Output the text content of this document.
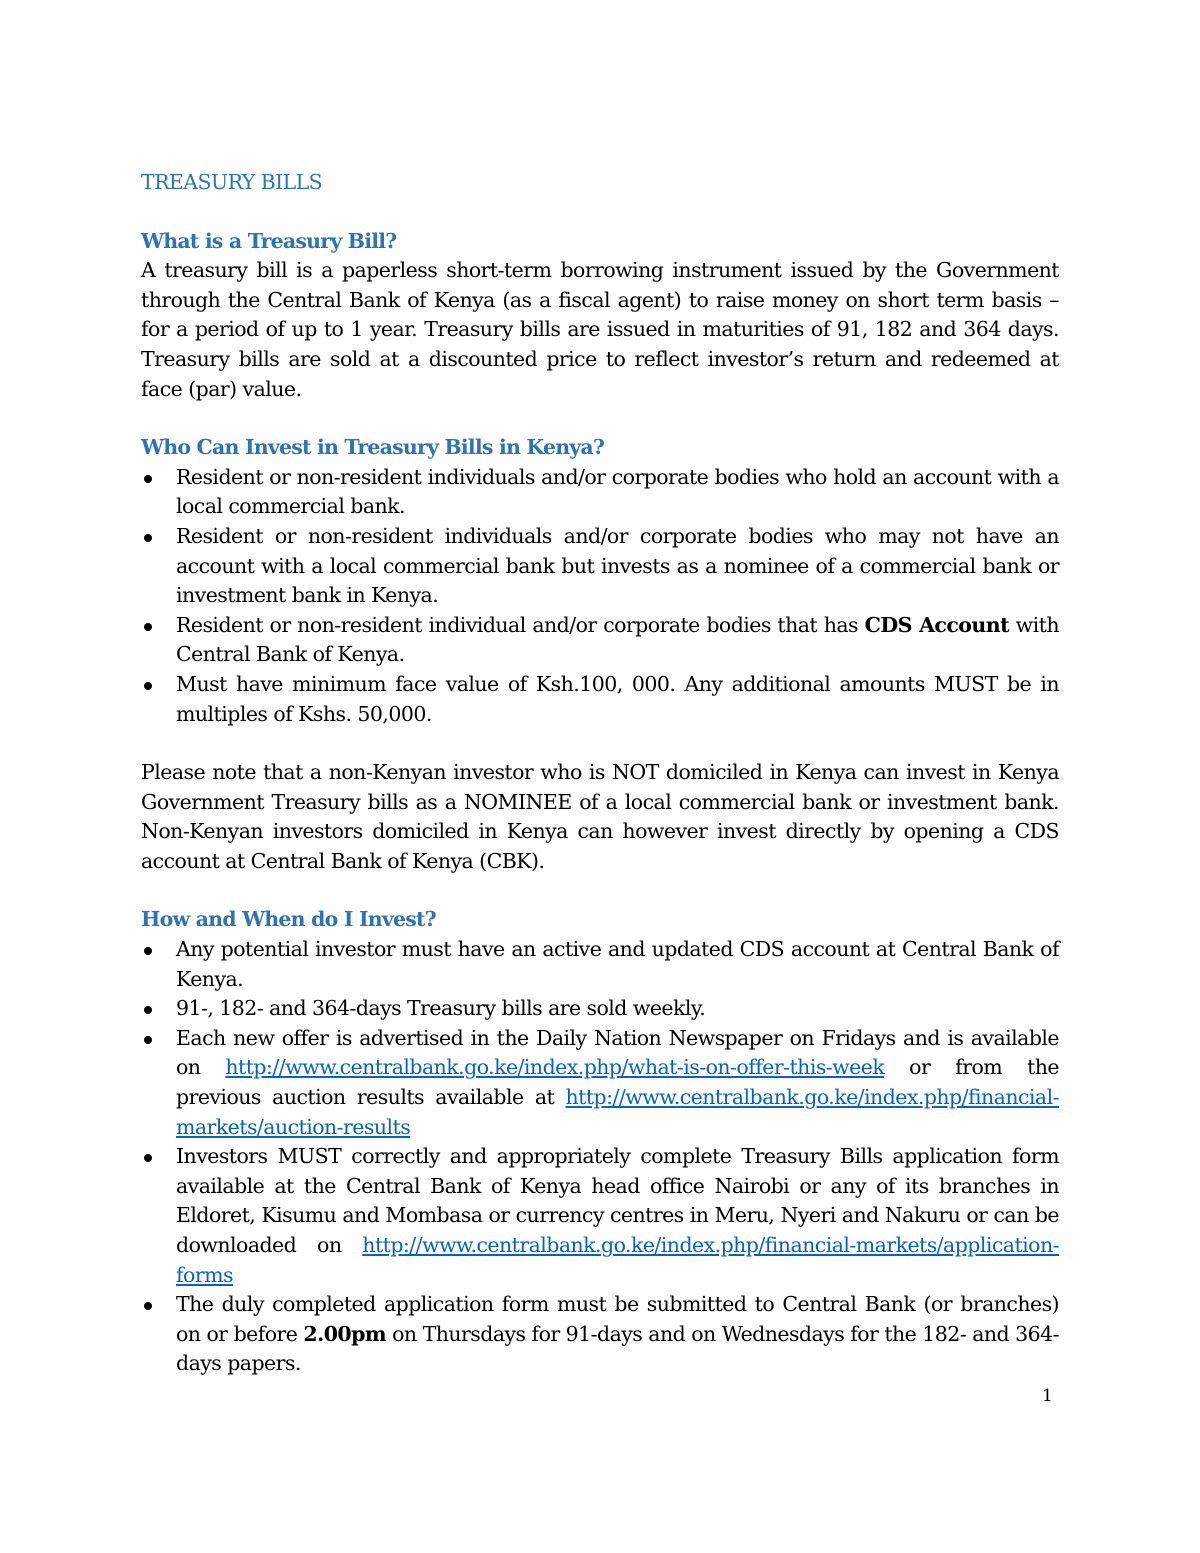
TREASURY BILLS
What is a Treasury Bill?

A treasury bill is a paperless short-term borrowing instrument issued by the Government through the Central Bank of Kenya (as a fiscal agent) to raise money on short term basis – for a period of up to 1 year. Treasury bills are issued in maturities of 91, 182 and 364 days. Treasury bills are sold at a discounted price to reflect investor’s return and redeemed at face (par) value.

Who Can Invest in Treasury Bills in Kenya?
Resident or non-resident individuals and/or corporate bodies who hold an account with a local commercial bank.
Resident or non-resident individuals and/or corporate bodies who may not have an account with a local commercial bank but invests as a nominee of a commercial bank or investment bank in Kenya.
Resident or non-resident individual and/or corporate bodies that has CDS Account with Central Bank of Kenya.
Must have minimum face value of Ksh.100, 000. Any additional amounts MUST be in multiples of Kshs. 50,000.

Please note that a non-Kenyan investor who is NOT domiciled in Kenya can invest in Kenya Government Treasury bills as a NOMINEE of a local commercial bank or investment bank. Non-Kenyan investors domiciled in Kenya can however invest directly by opening a CDS account at Central Bank of Kenya (CBK).

How and When do I Invest?
Any potential investor must have an active and updated CDS account at Central Bank of Kenya.
91-, 182- and 364-days Treasury bills are sold weekly.
Each new offer is advertised in the Daily Nation Newspaper on Fridays and is available on http://www.centralbank.go.ke/index.php/what-is-on-offer-this-week or from the previous auction results available at http://www.centralbank.go.ke/index.php/financial-markets/auction-results
Investors MUST correctly and appropriately complete Treasury Bills application form available at the Central Bank of Kenya head office Nairobi or any of its branches in Eldoret, Kisumu and Mombasa or currency centres in Meru, Nyeri and Nakuru or can be downloaded on http://www.centralbank.go.ke/index.php/financial-markets/application-forms
The duly completed application form must be submitted to Central Bank (or branches) on or before 2.00pm on Thursdays for 91-days and on Wednesdays for the 182- and 364-days papers.
1
